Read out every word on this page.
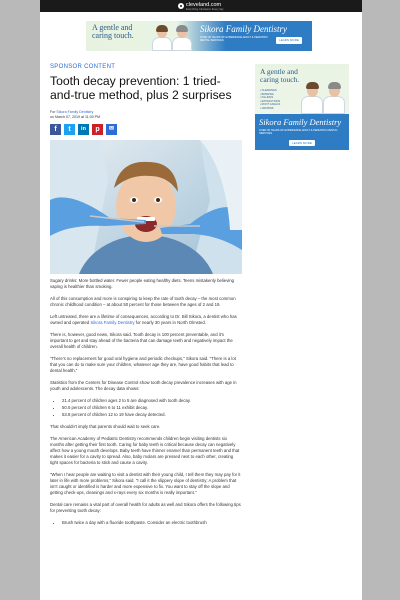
cleveland.com
Everything Cleveland. Every day.
A gentle and caring touch.
Sikora Family Dentistry
OVER 30 YEARS OF EXPERIENCE ADULT & PEDIATRIC DENTAL SERVICES	LEARN MORE
SPONSOR CONTENT
Tooth decay prevention: 1 tried-and-true method, plus 2 surprises
For Sikora Family Dentistry
on March 07, 2019 at 11:00 PM
f	t	in	p	✉
Sugary drinks: More bottled water. Fewer people eating healthy diets. Teens mistakenly believing vaping is healthier than smoking.

All of this consumption and more is conspiring to keep the rate of tooth decay – the most common chronic childhood condition – at about 50 percent for those between the ages of 2 and 19.

Left untreated, there are a lifetime of consequences, according to Dr. Bill Sikora, a dentist who has owned and operated Sikora Family Dentistry for nearly 30 years in North Olmsted.

There is, however, good news, Sikora said. Tooth decay is 100 percent preventable, and it's important to get and stay ahead of the bacteria that can damage teeth and negatively impact the overall health of children.

"There's no replacement for good oral hygiene and periodic checkups," Sikora said. "There is a lot that you can do to make sure your children, whatever age they are, have good habits that lead to dental health."

Statistics from the Centers for Disease Control show tooth decay prevalence increases with age in youth and adolescents. The decay data shows:

• 21.4 percent of children ages 2 to 5 are diagnosed with tooth decay.
• 50.5 percent of children 6 to 11 exhibit decay.
• 53.8 percent of children 12 to 19 have decay detected.

That shouldn't imply that parents should wait to seek care.

The American Academy of Pediatric Dentistry recommends children begin visiting dentists six months after getting their first tooth. Caring for baby teeth is critical because decay can negatively affect how a young mouth develops. Baby teeth have thinner enamel than permanent teeth and that makes it easier for a cavity to spread. Also, baby molars are pressed next to each other, creating tight spaces for bacteria to stick and cause a cavity.

"When I hear people are waiting to visit a dentist with their young child, I tell them they may pay for it later in life with more problems," Sikora said. "I call it the slippery slope of dentistry: A problem that isn't caught or identified is harder and more expensive to fix. You want to stay off the slope and getting check-ups, cleanings and x-rays every six months is really important."

Dental care remains a vital part of overall health for adults as well and Sikora offers the following tips for preventing tooth decay:

• Brush twice a day with a fluoride toothpaste. Consider an electric toothbrush
A gentle and caring touch.
• CLEANINGS
• BONDING
• FILLINGS
• EXTRACTIONS
• ROOT CANALS
• CROWNS
Sikora Family Dentistry
OVER 30 YEARS OF EXPERIENCE ADULT & PEDIATRIC DENTAL SERVICES
LEARN MORE
